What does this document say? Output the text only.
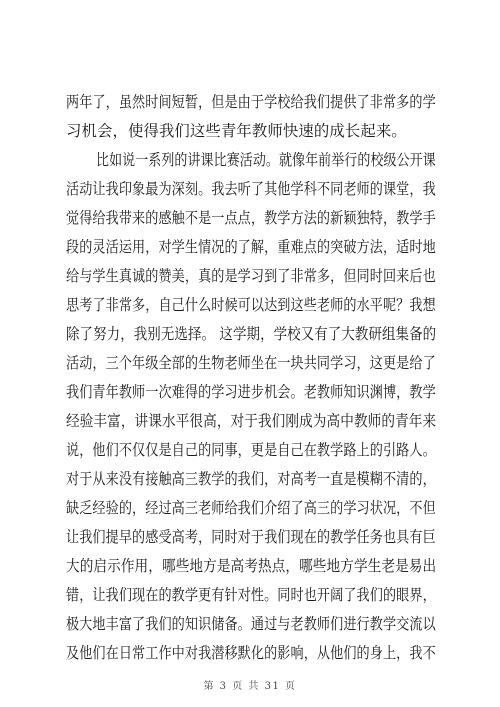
两年了，虽然时间短暂，但是由于学校给我们提供了非常多的学
习机会，使得我们这些青年教师快速的成长起来。
比如说一系列的讲课比赛活动。就像年前举行的校级公开课
活动让我印象最为深刻。我去听了其他学科不同老师的课堂，我
觉得给我带来的感触不是一点点，教学方法的新颖独特，教学手
段的灵活运用，对学生情况的了解，重难点的突破方法，适时地
给与学生真诚的赞美，真的是学习到了非常多，但同时回来后也
思考了非常多，自己什么时候可以达到这些老师的水平呢？我想
除了努力，我别无选择。 这学期，学校又有了大教研组集备的
活动，三个年级全部的生物老师坐在一块共同学习，这更是给了
我们青年教师一次难得的学习进步机会。老教师知识渊博，教学
经验丰富，讲课水平很高，对于我们刚成为高中教师的青年来
说，他们不仅仅是自己的同事，更是自己在教学路上的引路人。
对于从来没有接触高三教学的我们，对高考一直是模糊不清的，
缺乏经验的，经过高三老师给我们介绍了高三的学习状况，不但
让我们提早的感受高考，同时对于我们现在的教学任务也具有巨
大的启示作用，哪些地方是高考热点，哪些地方学生老是易出
错，让我们现在的教学更有针对性。同时也开阔了我们的眼界，
极大地丰富了我们的知识储备。通过与老教师们进行教学交流以
及他们在日常工作中对我潜移默化的影响，从他们的身上，我不
第 3 页 共 31 页
